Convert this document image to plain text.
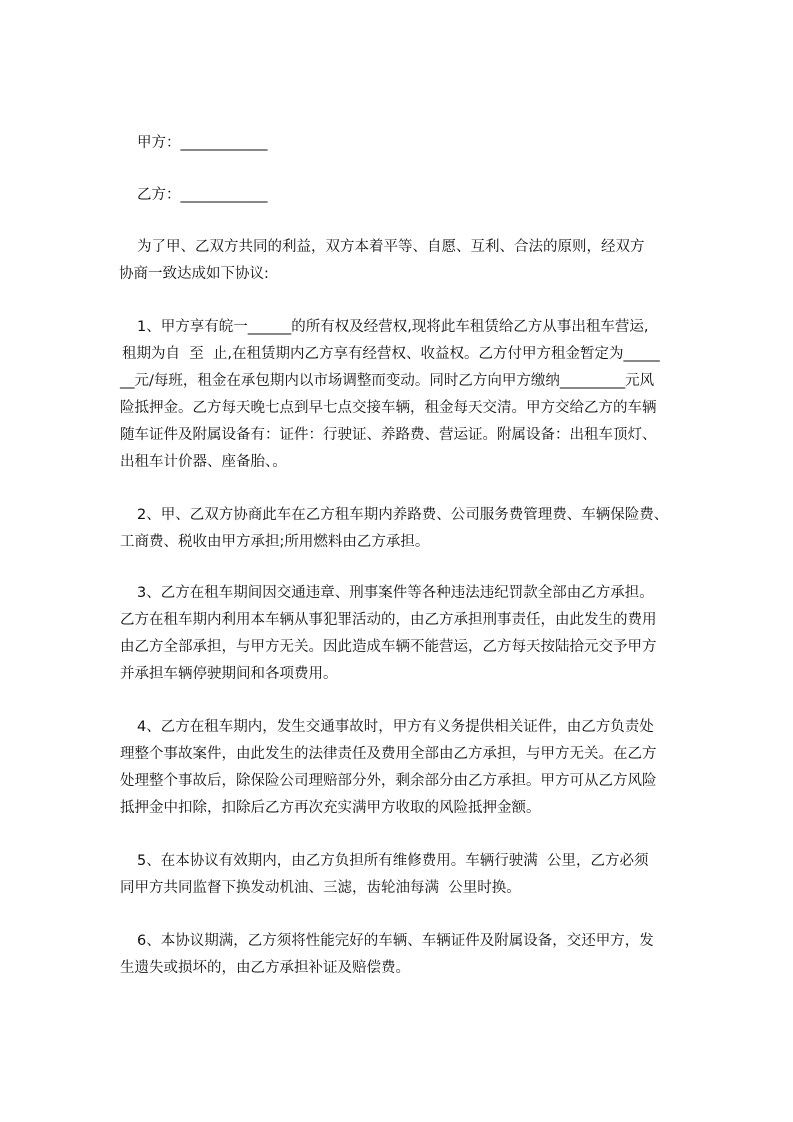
甲方：____________
乙方：____________
为了甲、乙双方共同的利益，双方本着平等、自愿、互利、合法的原则，经双方
协商一致达成如下协议:
1、甲方享有皖一______的所有权及经营权,现将此车租赁给乙方从事出租车营运,
租期为自  至  止,在租赁期内乙方享有经营权、收益权。乙方付甲方租金暂定为_____
__元/每班，租金在承包期内以市场调整而变动。同时乙方向甲方缴纳_________元风
险抵押金。乙方每天晚七点到早七点交接车辆，租金每天交清。甲方交给乙方的车辆
随车证件及附属设备有：证件：行驶证、养路费、营运证。附属设备：出租车顶灯、
出租车计价器、座备胎、。
2、甲、乙双方协商此车在乙方租车期内养路费、公司服务费管理费、车辆保险费、
工商费、税收由甲方承担;所用燃料由乙方承担。
3、乙方在租车期间因交通违章、刑事案件等各种违法违纪罚款全部由乙方承担。
乙方在租车期内利用本车辆从事犯罪活动的，由乙方承担刑事责任，由此发生的费用
由乙方全部承担，与甲方无关。因此造成车辆不能营运，乙方每天按陆拾元交予甲方
并承担车辆停驶期间和各项费用。
4、乙方在租车期内，发生交通事故时，甲方有义务提供相关证件，由乙方负责处
理整个事故案件，由此发生的法律责任及费用全部由乙方承担，与甲方无关。在乙方
处理整个事故后，除保险公司理赔部分外，剩余部分由乙方承担。甲方可从乙方风险
抵押金中扣除，扣除后乙方再次充实满甲方收取的风险抵押金额。
5、在本协议有效期内，由乙方负担所有维修费用。车辆行驶满  公里，乙方必须
同甲方共同监督下换发动机油、三滤，齿轮油每满  公里时换。
6、本协议期满，乙方须将性能完好的车辆、车辆证件及附属设备，交还甲方，发
生遗失或损坏的，由乙方承担补证及赔偿费。
